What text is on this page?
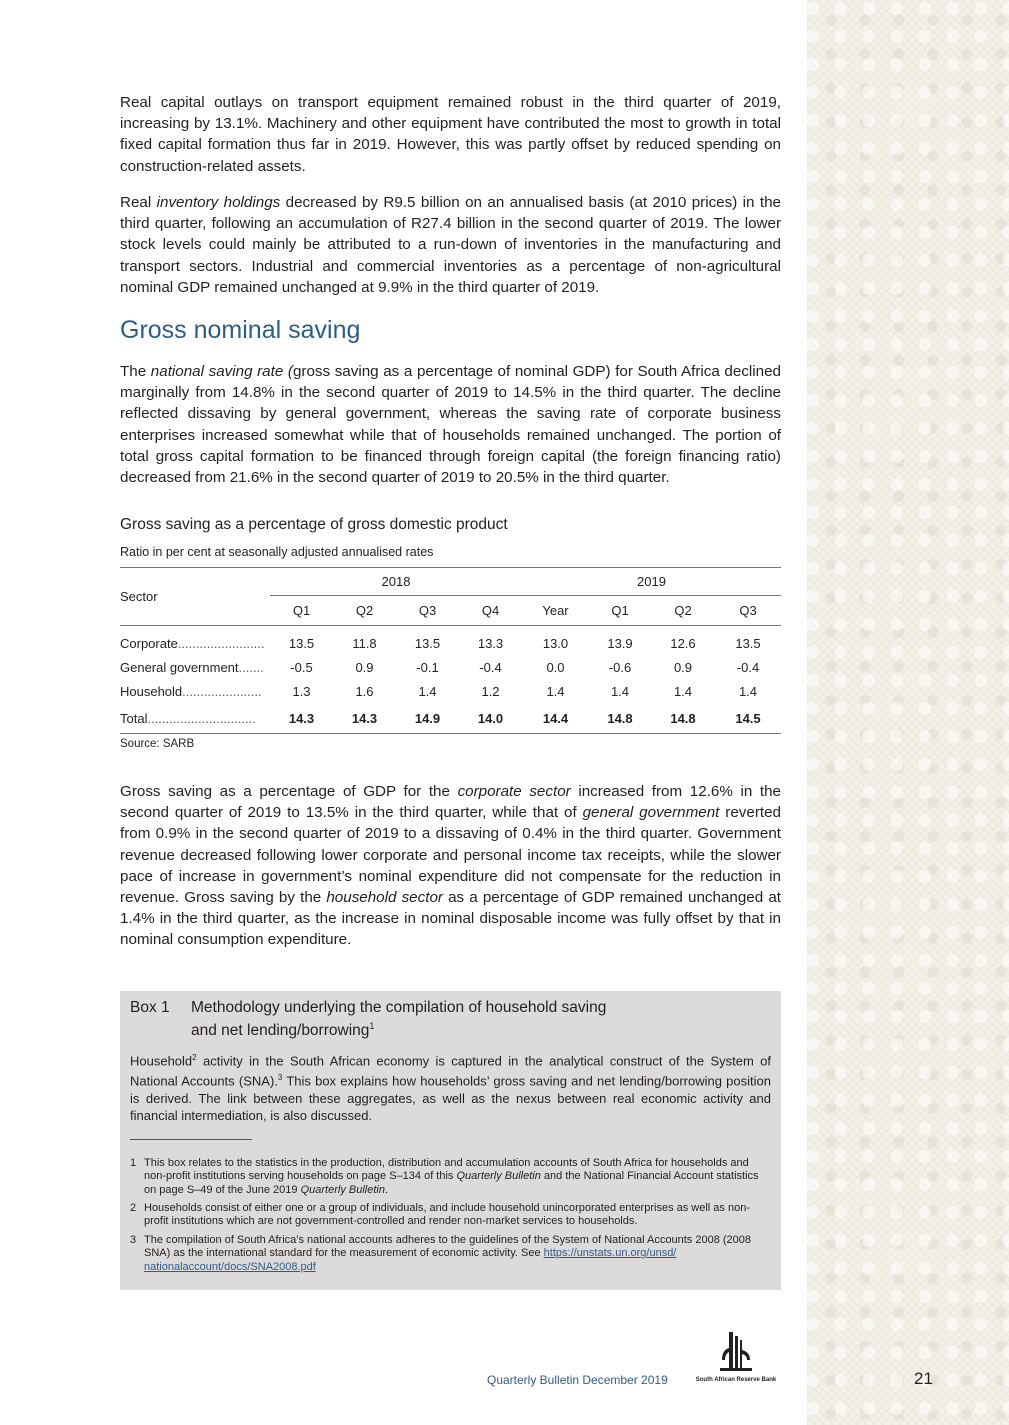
Real capital outlays on transport equipment remained robust in the third quarter of 2019, increasing by 13.1%. Machinery and other equipment have contributed the most to growth in total fixed capital formation thus far in 2019. However, this was partly offset by reduced spending on construction-related assets.

Real inventory holdings decreased by R9.5 billion on an annualised basis (at 2010 prices) in the third quarter, following an accumulation of R27.4 billion in the second quarter of 2019. The lower stock levels could mainly be attributed to a run-down of inventories in the manufacturing and transport sectors. Industrial and commercial inventories as a percentage of non-agricultural nominal GDP remained unchanged at 9.9% in the third quarter of 2019.

Gross nominal saving

The national saving rate (gross saving as a percentage of nominal GDP) for South Africa declined marginally from 14.8% in the second quarter of 2019 to 14.5% in the third quarter. The decline reflected dissaving by general government, whereas the saving rate of corporate business enterprises increased somewhat while that of households remained unchanged. The portion of total gross capital formation to be financed through foreign capital (the foreign financing ratio) decreased from 21.6% in the second quarter of 2019 to 20.5% in the third quarter.

Gross saving as a percentage of gross domestic product
Ratio in per cent at seasonally adjusted annualised rates
Sector	2018				2019			
	Q1	Q2	Q3	Q4	Year	Q1	Q2	Q3
Corporate........................	13.5	11.8	13.5	13.3	13.0	13.9	12.6	13.5
General government.......	-0.5	0.9	-0.1	-0.4	0.0	-0.6	0.9	-0.4
Household......................	1.3	1.6	1.4	1.2	1.4	1.4	1.4	1.4
Total..............................	14.3	14.3	14.9	14.0	14.4	14.8	14.8	14.5
Source: SARB

Gross saving as a percentage of GDP for the corporate sector increased from 12.6% in the second quarter of 2019 to 13.5% in the third quarter, while that of general government reverted from 0.9% in the second quarter of 2019 to a dissaving of 0.4% in the third quarter. Government revenue decreased following lower corporate and personal income tax receipts, while the slower pace of increase in government’s nominal expenditure did not compensate for the reduction in revenue. Gross saving by the household sector as a percentage of GDP remained unchanged at 1.4% in the third quarter, as the increase in nominal disposable income was fully offset by that in nominal consumption expenditure.

Box 1	Methodology underlying the compilation of household saving
and net lending/borrowing$^1$
Household$^2$ activity in the South African economy is captured in the analytical construct of the System of National Accounts (SNA).$^3$ This box explains how households’ gross saving and net lending/borrowing position is derived. The link between these aggregates, as well as the nexus between real economic activity and financial intermediation, is also discussed.
1 This box relates to the statistics in the production, distribution and accumulation accounts of South Africa for households and non-profit institutions serving households on page S–134 of this Quarterly Bulletin and the National Financial Account statistics on page S–49 of the June 2019 Quarterly Bulletin.
2 Households consist of either one or a group of individuals, and include household unincorporated enterprises as well as non-profit institutions which are not government-controlled and render non-market services to households.
3 The compilation of South Africa’s national accounts adheres to the guidelines of the System of National Accounts 2008 (2008 SNA) as the international standard for the measurement of economic activity. See https://unstats.un.org/unsd/
nationalaccount/docs/SNA2008.pdf
Quarterly Bulletin December 2019	South African Reserve Bank	21
